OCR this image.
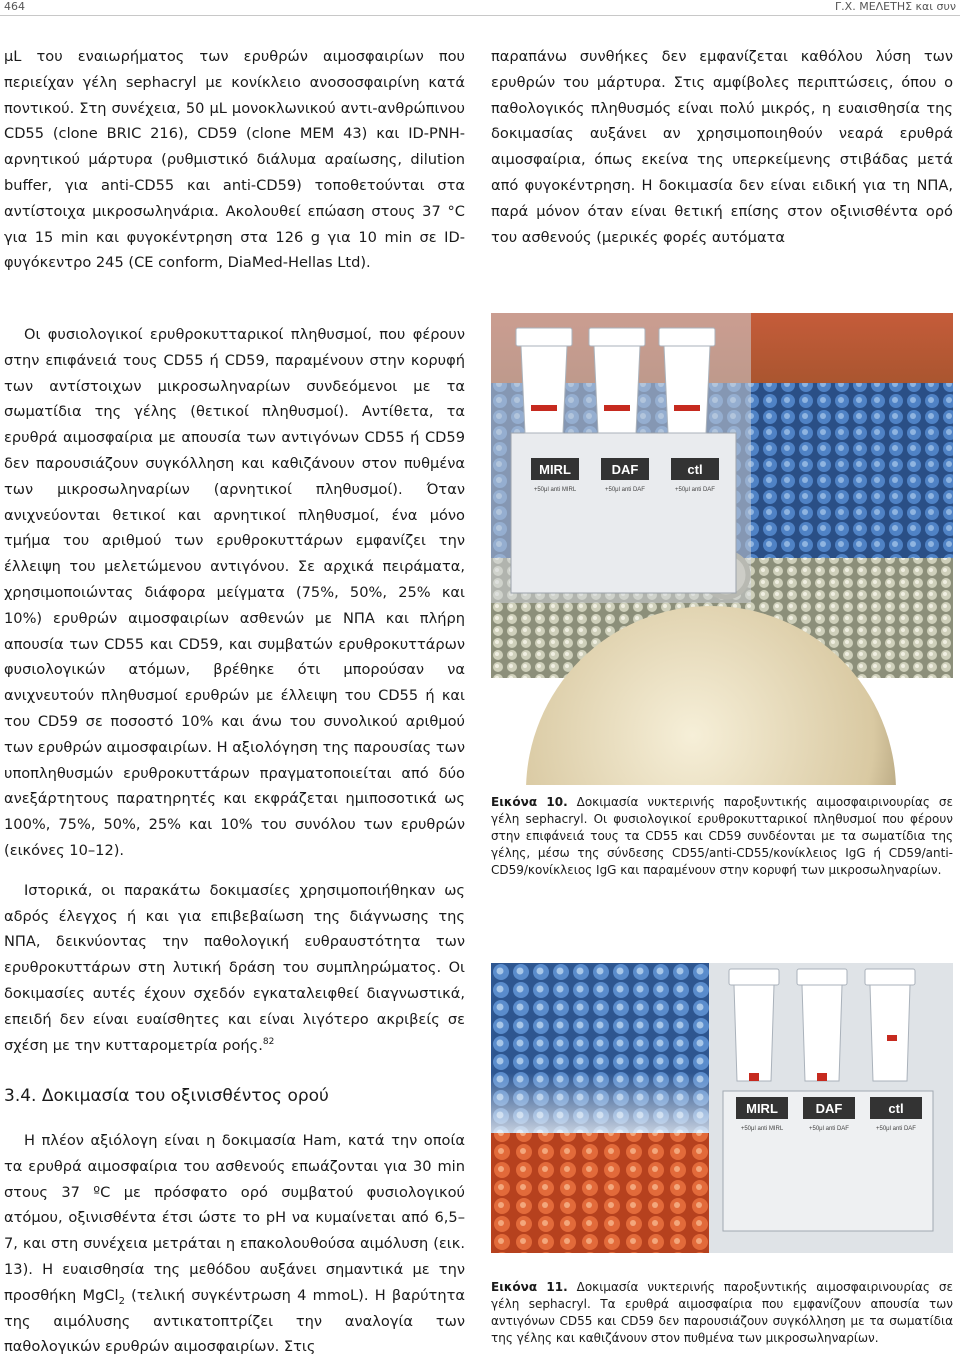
464	Γ.Χ. ΜΕΛΕΤΗΣ και συν

μL του εναιωρήματος των ερυθρών αιμοσφαιρίων που περιείχαν γέλη sephacryl με κονίκλειο ανοσοσφαιρίνη κατά ποντικού. Στη συνέχεια, 50 μL μονοκλωνικού αντι-ανθρώπινου CD55 (clone BRIC 216), CD59 (clone MEM 43) και ID-PNH-αρνητικού μάρτυρα (ρυθμιστικό διάλυμα αραίωσης, dilution buffer, για anti-CD55 και anti-CD59) τοποθετούνται στα αντίστοιχα μικροσωληνάρια. Ακολουθεί επώαση στους 37 °C για 15 min και φυγοκέντρηση στα 126 g για 10 min σε ID-φυγόκεντρο 245 (CE conform, DiaMed-Hellas Ltd).

Οι φυσιολογικοί ερυθροκυτταρικοί πληθυσμοί, που φέρουν στην επιφάνειά τους CD55 ή CD59, παραμένουν στην κορυφή των αντίστοιχων μικροσωληναρίων συνδεόμενοι με τα σωματίδια της γέλης (θετικοί πληθυσμοί). Αντίθετα, τα ερυθρά αιμοσφαίρια με απουσία των αντιγόνων CD55 ή CD59 δεν παρουσιάζουν συγκόλληση και καθιζάνουν στον πυθμένα των μικροσωληναρίων (αρνητικοί πληθυσμοί). Όταν ανιχνεύονται θετικοί και αρνητικοί πληθυσμοί, ένα μόνο τμήμα του αριθμού των ερυθροκυττάρων εμφανίζει την έλλειψη του μελετώμενου αντιγόνου. Σε αρχικά πειράματα, χρησιμοποιώντας διάφορα μείγματα (75%, 50%, 25% και 10%) ερυθρών αιμοσφαιρίων ασθενών με ΝΠΑ και πλήρη απουσία των CD55 και CD59, και συμβατών ερυθροκυττάρων φυσιολογικών ατόμων, βρέθηκε ότι μπορούσαν να ανιχνευτούν πληθυσμοί ερυθρών με έλλειψη του CD55 ή και του CD59 σε ποσοστό 10% και άνω του συνολικού αριθμού των ερυθρών αιμοσφαιρίων. Η αξιολόγηση της παρουσίας των υποπληθυσμών ερυθροκυττάρων πραγματοποιείται από δύο ανεξάρτητους παρατηρητές και εκφράζεται ημιποσοτικά ως 100%, 75%, 50%, 25% και 10% του συνόλου των ερυθρών (εικόνες 10–12).

Ιστορικά, οι παρακάτω δοκιμασίες χρησιμοποιήθηκαν ως αδρός έλεγχος ή και για επιβεβαίωση της διάγνωσης της ΝΠΑ, δεικνύοντας την παθολογική ευθραυστότητα των ερυθροκυττάρων στη λυτική δράση του συμπληρώματος. Οι δοκιμασίες αυτές έχουν σχεδόν εγκαταλειφθεί διαγνωστικά, επειδή δεν είναι ευαίσθητες και είναι λιγότερο ακριβείς σε σχέση με την κυτταρομετρία ροής.$^{82}$

3.4. Δοκιμασία του οξινισθέντος ορού

Η πλέον αξιόλογη είναι η δοκιμασία Ham, κατά την οποία τα ερυθρά αιμοσφαίρια του ασθενούς επωάζονται για 30 min στους 37 ºC με πρόσφατο ορό συμβατού φυσιολογικού ατόμου, οξινισθέντα έτσι ώστε το pH να κυμαίνεται από 6,5–7, και στη συνέχεια μετράται η επακολουθούσα αιμόλυση (εικ. 13). Η ευαισθησία της μεθόδου αυξάνει σημαντικά με την προσθήκη MgCl$_2$ (τελική συγκέντρωση 4 mmoL). Η βαρύτητα της αιμόλυσης αντικατοπτρίζει την αναλογία των παθολογικών ερυθρών αιμοσφαιρίων. Στις

παραπάνω συνθήκες δεν εμφανίζεται καθόλου λύση των ερυθρών του μάρτυρα. Στις αμφίβολες περιπτώσεις, όπου ο παθολογικός πληθυσμός είναι πολύ μικρός, η ευαισθησία της δοκιμασίας αυξάνει αν χρησιμοποιηθούν νεαρά ερυθρά αιμοσφαίρια, όπως εκείνα της υπερκείμενης στιβάδας μετά από φυγοκέντρηση. Η δοκιμασία δεν είναι ειδική για τη ΝΠΑ, παρά μόνον όταν είναι θετική επίσης στον οξινισθέντα ορό του ασθενούς (μερικές φορές αυτόματα

MIRL	DAF	ctl
+50μl anti MIRL	+50μl anti DAF	+50μl anti DAF
Εικόνα 10. Δοκιμασία νυκτερινής παροξυντικής αιμοσφαιρινουρίας σε γέλη sephacryl. Οι φυσιολογικοί ερυθροκυτταρικοί πληθυσμοί που φέρουν στην επιφάνειά τους τα CD55 και CD59 συνδέονται με τα σωματίδια της γέλης, μέσω της σύνδεσης CD55/anti-CD55/κονίκλειος IgG ή CD59/anti-CD59/κονίκλειος IgG και παραμένουν στην κορυφή των μικροσωληναρίων.
MIRL	DAF	ctl
+50μl anti MIRL	+50μl anti DAF	+50μl anti DAF
Εικόνα 11. Δοκιμασία νυκτερινής παροξυντικής αιμοσφαιρινουρίας σε γέλη sephacryl. Τα ερυθρά αιμοσφαίρια που εμφανίζουν απουσία των αντιγόνων CD55 και CD59 δεν παρουσιάζουν συγκόλληση με τα σωματίδια της γέλης και καθιζάνουν στον πυθμένα των μικροσωληναρίων.
